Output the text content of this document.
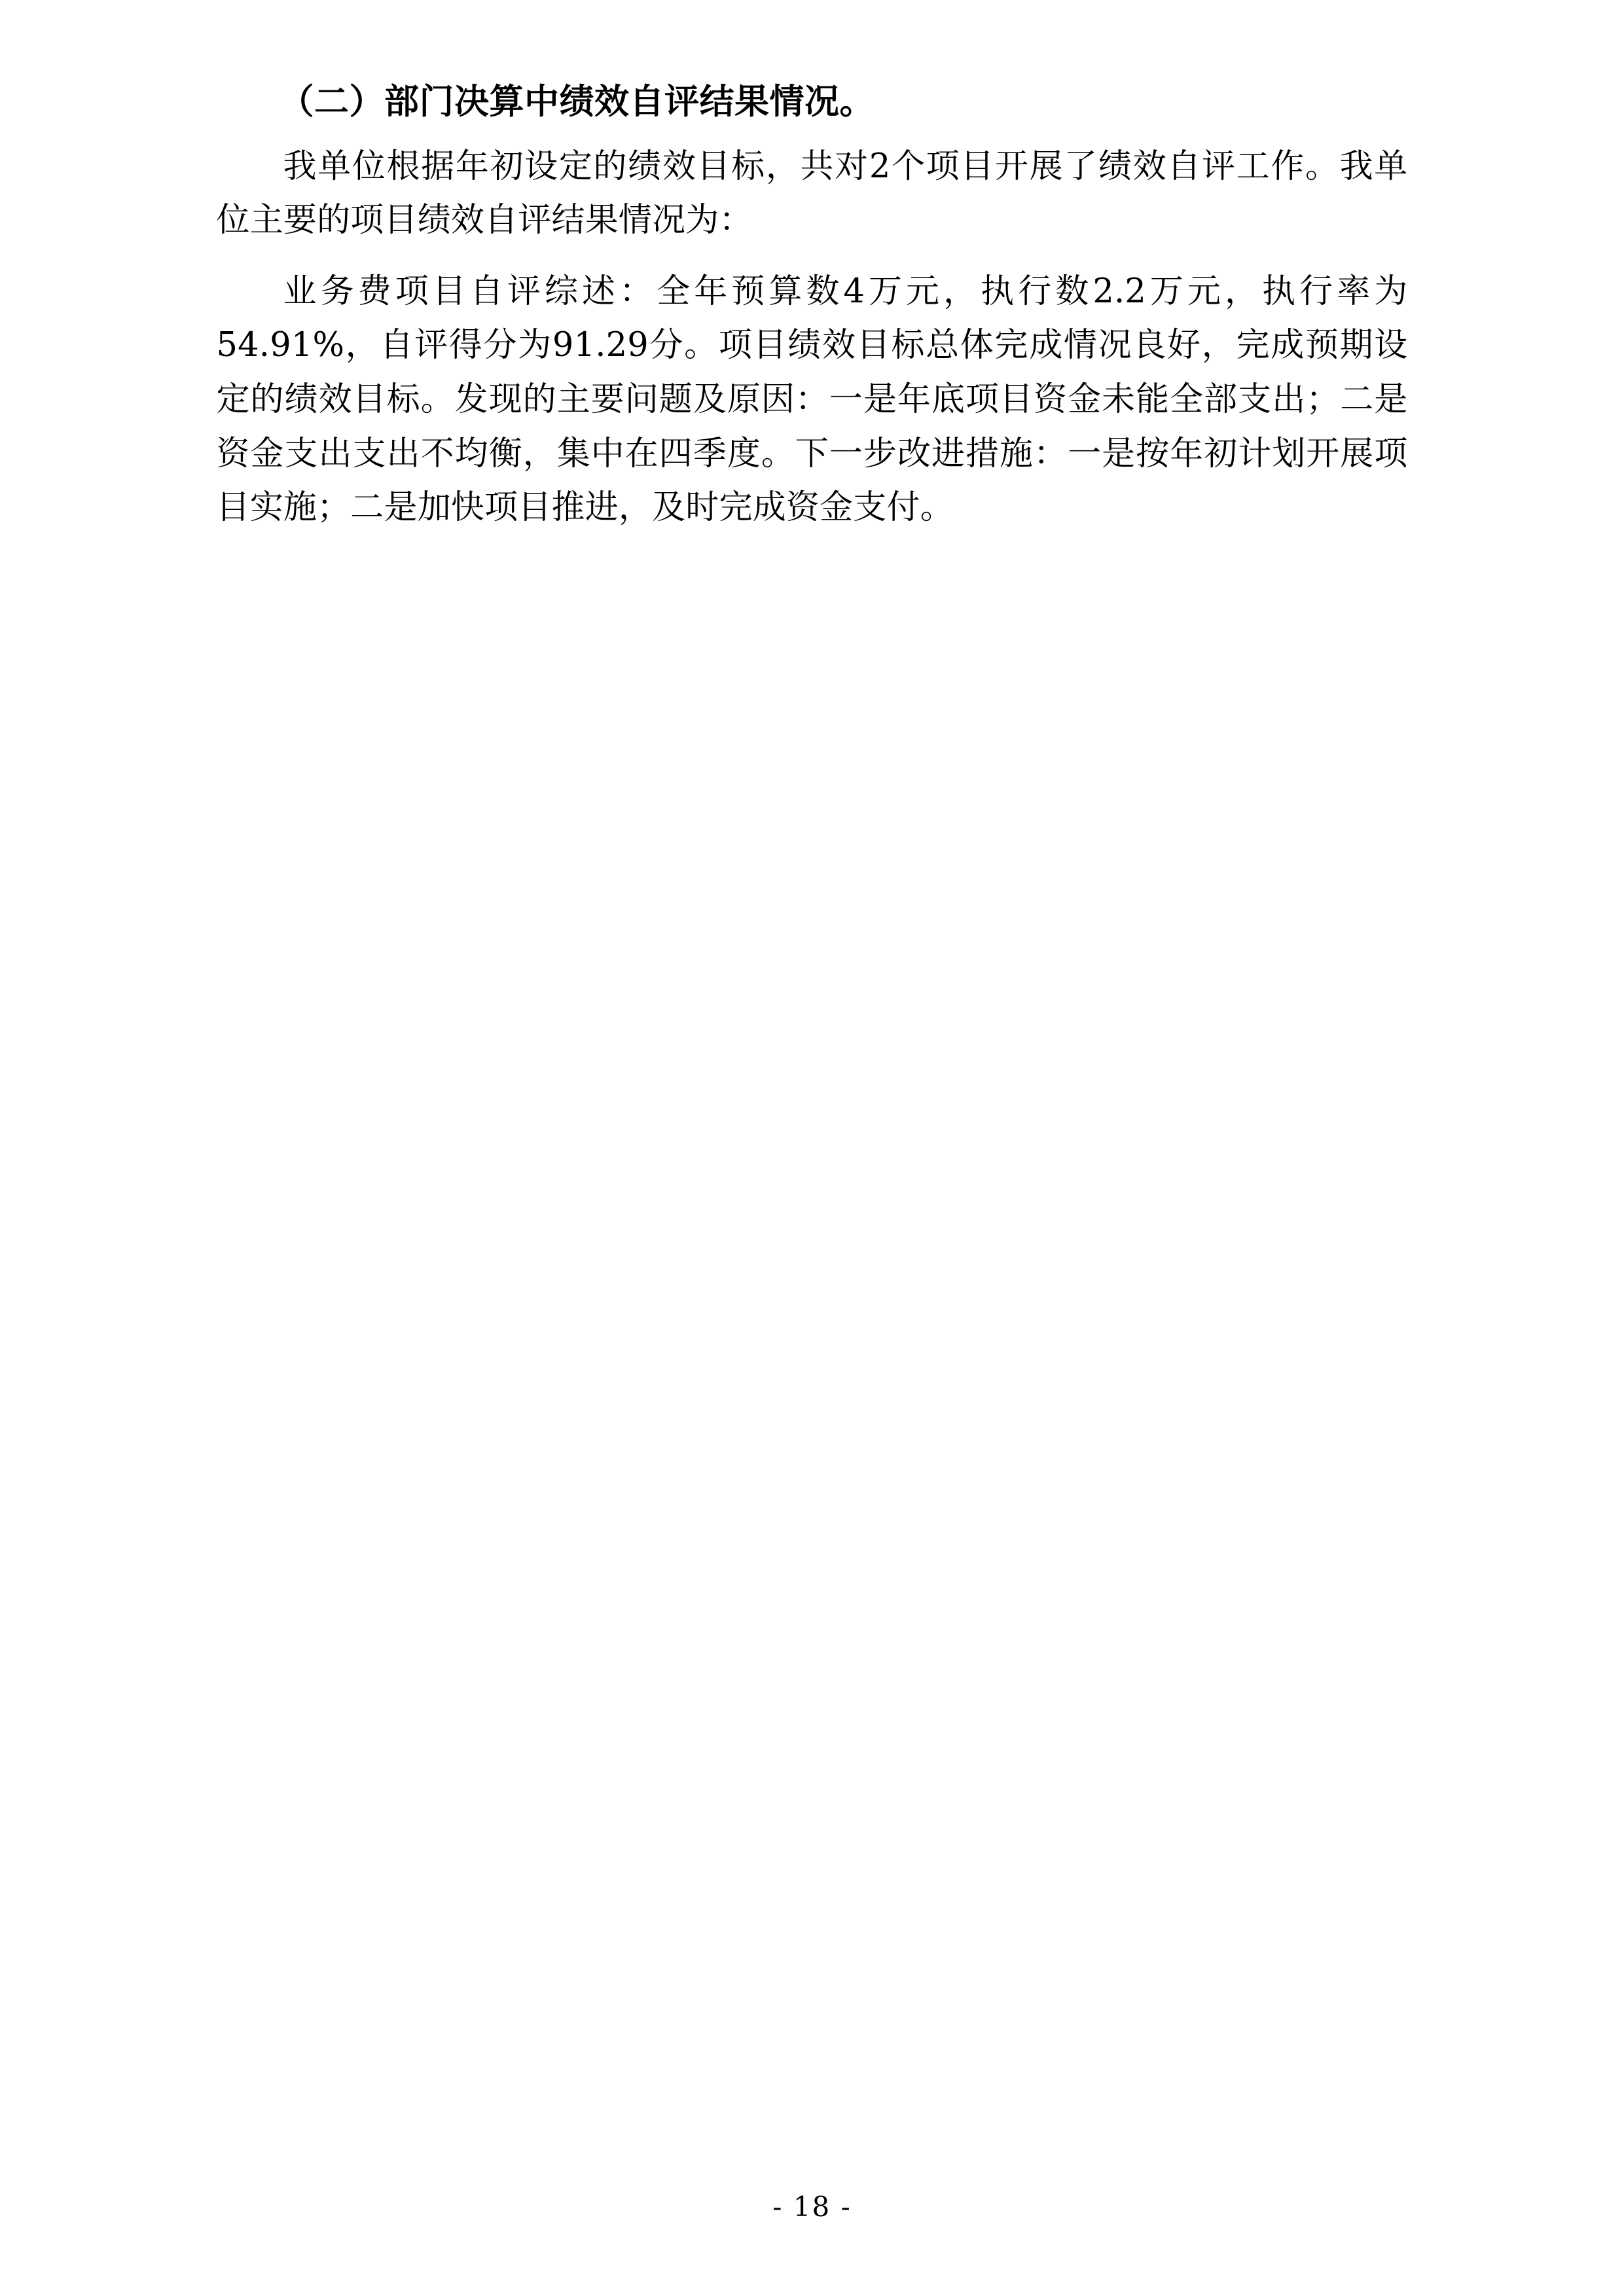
（二）部门决算中绩效自评结果情况。

我单位根据年初设定的绩效目标，共对2个项目开展了绩效自评工作。我单位主要的项目绩效自评结果情况为：

业务费项目自评综述：全年预算数4万元，执行数2.2万元，执行率为54.91%，自评得分为91.29分。项目绩效目标总体完成情况良好，完成预期设定的绩效目标。发现的主要问题及原因：一是年底项目资金未能全部支出；二是资金支出支出不均衡，集中在四季度。下一步改进措施：一是按年初计划开展项目实施；二是加快项目推进，及时完成资金支付。

- 18 -
